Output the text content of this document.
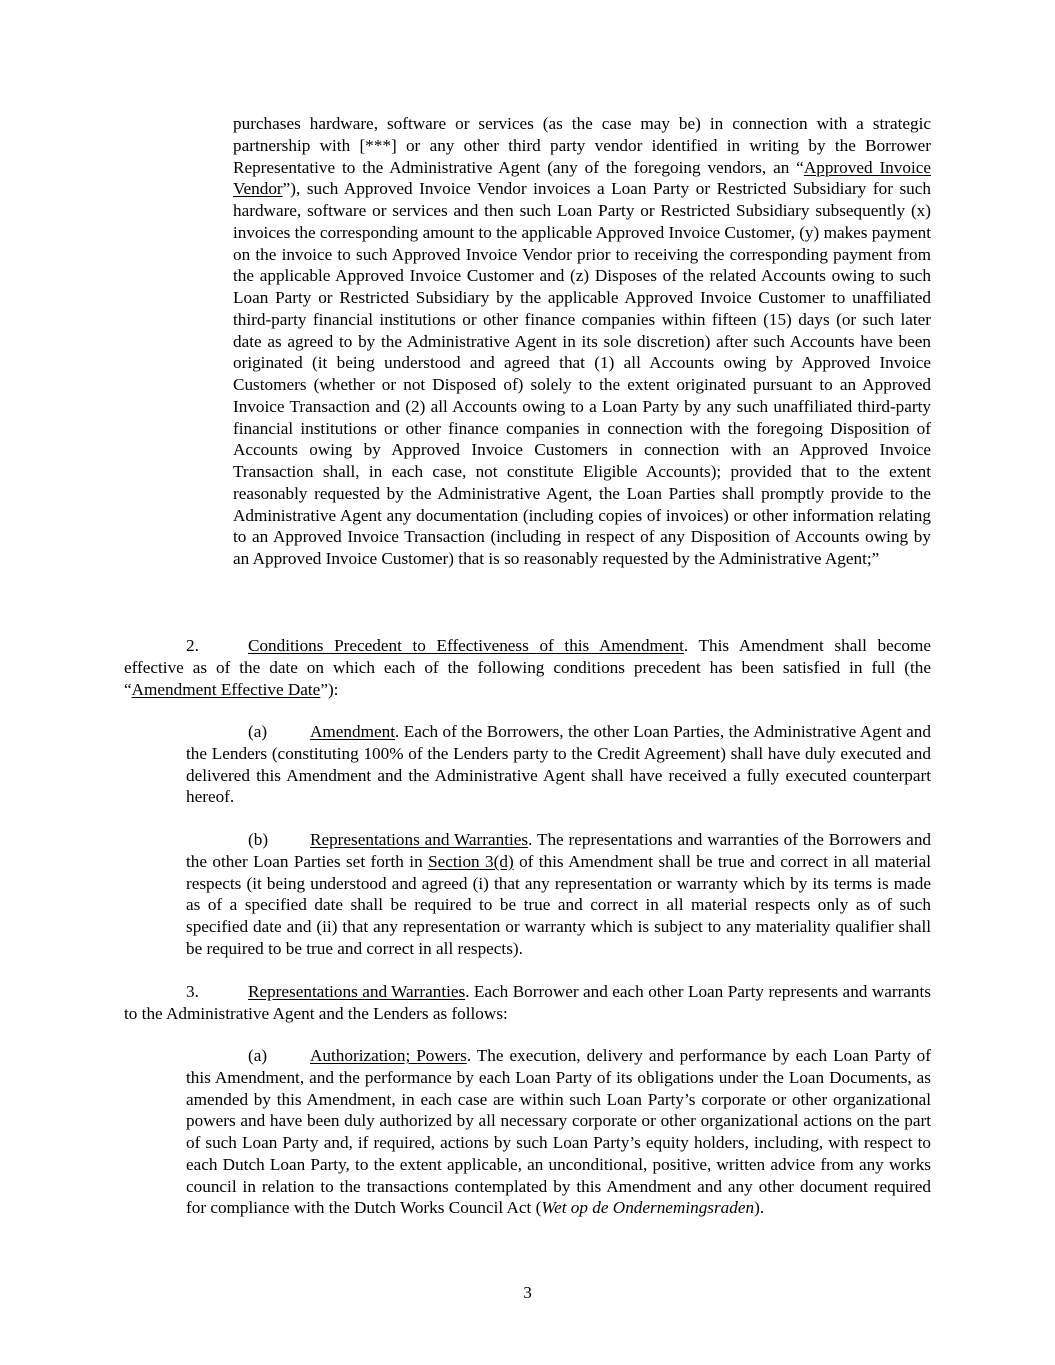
purchases hardware, software or services (as the case may be) in connection with a strategic partnership with [***] or any other third party vendor identified in writing by the Borrower Representative to the Administrative Agent (any of the foregoing vendors, an “Approved Invoice Vendor”), such Approved Invoice Vendor invoices a Loan Party or Restricted Subsidiary for such hardware, software or services and then such Loan Party or Restricted Subsidiary subsequently (x) invoices the corresponding amount to the applicable Approved Invoice Customer, (y) makes payment on the invoice to such Approved Invoice Vendor prior to receiving the corresponding payment from the applicable Approved Invoice Customer and (z) Disposes of the related Accounts owing to such Loan Party or Restricted Subsidiary by the applicable Approved Invoice Customer to unaffiliated third-party financial institutions or other finance companies within fifteen (15) days (or such later date as agreed to by the Administrative Agent in its sole discretion) after such Accounts have been originated (it being understood and agreed that (1) all Accounts owing by Approved Invoice Customers (whether or not Disposed of) solely to the extent originated pursuant to an Approved Invoice Transaction and (2) all Accounts owing to a Loan Party by any such unaffiliated third-party financial institutions or other finance companies in connection with the foregoing Disposition of Accounts owing by Approved Invoice Customers in connection with an Approved Invoice Transaction shall, in each case, not constitute Eligible Accounts); provided that to the extent reasonably requested by the Administrative Agent, the Loan Parties shall promptly provide to the Administrative Agent any documentation (including copies of invoices) or other information relating to an Approved Invoice Transaction (including in respect of any Disposition of Accounts owing by an Approved Invoice Customer) that is so reasonably requested by the Administrative Agent;”

2.	Conditions Precedent to Effectiveness of this Amendment. This Amendment shall become effective as of the date on which each of the following conditions precedent has been satisfied in full (the “Amendment Effective Date”):

(a) Amendment. Each of the Borrowers, the other Loan Parties, the Administrative Agent and the Lenders (constituting 100% of the Lenders party to the Credit Agreement) shall have duly executed and delivered this Amendment and the Administrative Agent shall have received a fully executed counterpart hereof.

(b) Representations and Warranties. The representations and warranties of the Borrowers and the other Loan Parties set forth in Section 3(d) of this Amendment shall be true and correct in all material respects (it being understood and agreed (i) that any representation or warranty which by its terms is made as of a specified date shall be required to be true and correct in all material respects only as of such specified date and (ii) that any representation or warranty which is subject to any materiality qualifier shall be required to be true and correct in all respects).

3.	Representations and Warranties. Each Borrower and each other Loan Party represents and warrants to the Administrative Agent and the Lenders as follows:

(a) Authorization; Powers. The execution, delivery and performance by each Loan Party of this Amendment, and the performance by each Loan Party of its obligations under the Loan Documents, as amended by this Amendment, in each case are within such Loan Party’s corporate or other organizational powers and have been duly authorized by all necessary corporate or other organizational actions on the part of such Loan Party and, if required, actions by such Loan Party’s equity holders, including, with respect to each Dutch Loan Party, to the extent applicable, an unconditional, positive, written advice from any works council in relation to the transactions contemplated by this Amendment and any other document required for compliance with the Dutch Works Council Act (Wet op de Ondernemingsraden).

3
